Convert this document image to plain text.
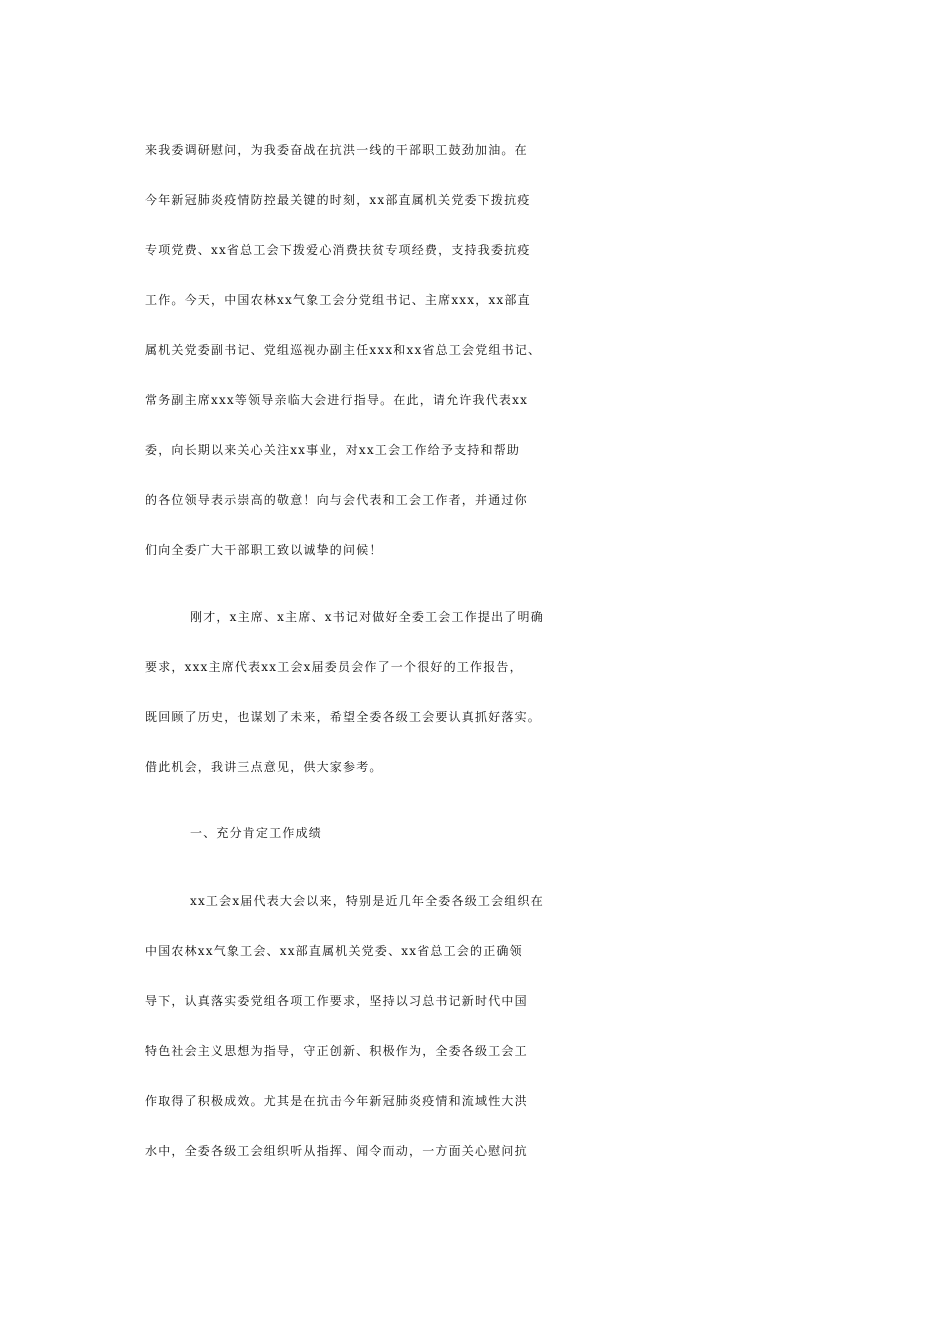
来我委调研慰问，为我委奋战在抗洪一线的干部职工鼓劲加油。在

今年新冠肺炎疫情防控最关键的时刻，xx部直属机关党委下拨抗疫

专项党费、xx省总工会下拨爱心消费扶贫专项经费，支持我委抗疫

工作。今天，中国农林xx气象工会分党组书记、主席xxx，xx部直

属机关党委副书记、党组巡视办副主任xxx和xx省总工会党组书记、

常务副主席xxx等领导亲临大会进行指导。在此，请允许我代表xx

委，向长期以来关心关注xx事业，对xx工会工作给予支持和帮助

的各位领导表示崇高的敬意！向与会代表和工会工作者，并通过你

们向全委广大干部职工致以诚挚的问候！

刚才，x主席、x主席、x书记对做好全委工会工作提出了明确

要求，xxx主席代表xx工会x届委员会作了一个很好的工作报告，

既回顾了历史，也谋划了未来，希望全委各级工会要认真抓好落实。

借此机会，我讲三点意见，供大家参考。

一、充分肯定工作成绩

xx工会x届代表大会以来，特别是近几年全委各级工会组织在

中国农林xx气象工会、xx部直属机关党委、xx省总工会的正确领

导下，认真落实委党组各项工作要求，坚持以习总书记新时代中国

特色社会主义思想为指导，守正创新、积极作为，全委各级工会工

作取得了积极成效。尤其是在抗击今年新冠肺炎疫情和流域性大洪

水中，全委各级工会组织听从指挥、闻令而动，一方面关心慰问抗
